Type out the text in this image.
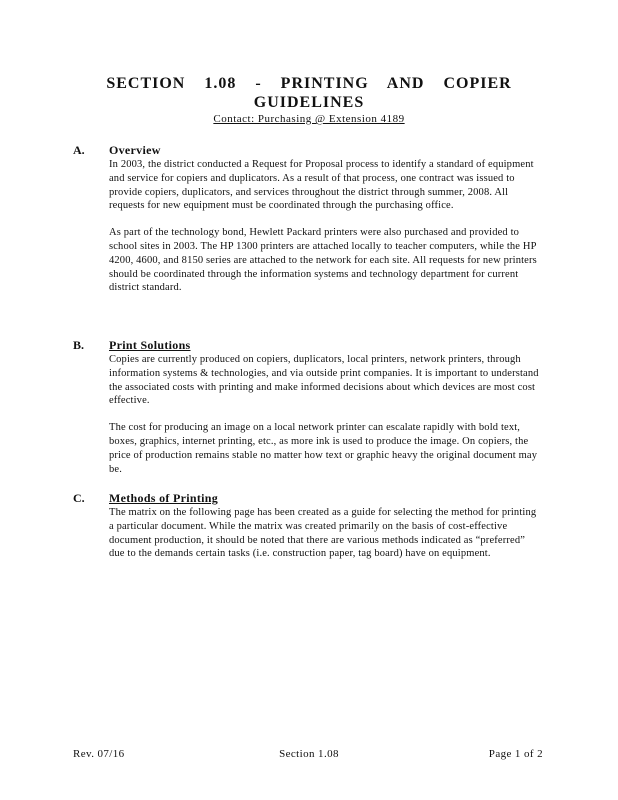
SECTION 1.08 - PRINTING AND COPIER
GUIDELINES
Contact: Purchasing @ Extension 4189
A. Overview

In 2003, the district conducted a Request for Proposal process to identify a standard of equipment and service for copiers and duplicators. As a result of that process, one contract was issued to provide copiers, duplicators, and services throughout the district through summer, 2008. All requests for new equipment must be coordinated through the purchasing office.

As part of the technology bond, Hewlett Packard printers were also purchased and provided to school sites in 2003. The HP 1300 printers are attached locally to teacher computers, while the HP 4200, 4600, and 8150 series are attached to the network for each site. All requests for new printers should be coordinated through the information systems and technology department for current district standard.

B. Print Solutions

Copies are currently produced on copiers, duplicators, local printers, network printers, through information systems & technologies, and via outside print companies. It is important to understand the associated costs with printing and make informed decisions about which devices are most cost effective.

The cost for producing an image on a local network printer can escalate rapidly with bold text, boxes, graphics, internet printing, etc., as more ink is used to produce the image. On copiers, the price of production remains stable no matter how text or graphic heavy the original document may be.

C. Methods of Printing

The matrix on the following page has been created as a guide for selecting the method for printing a particular document. While the matrix was created primarily on the basis of cost-effective document production, it should be noted that there are various methods indicated as “preferred” due to the demands certain tasks (i.e. construction paper, tag board) have on equipment.

Rev. 07/16	Section 1.08	Page 1 of 2
